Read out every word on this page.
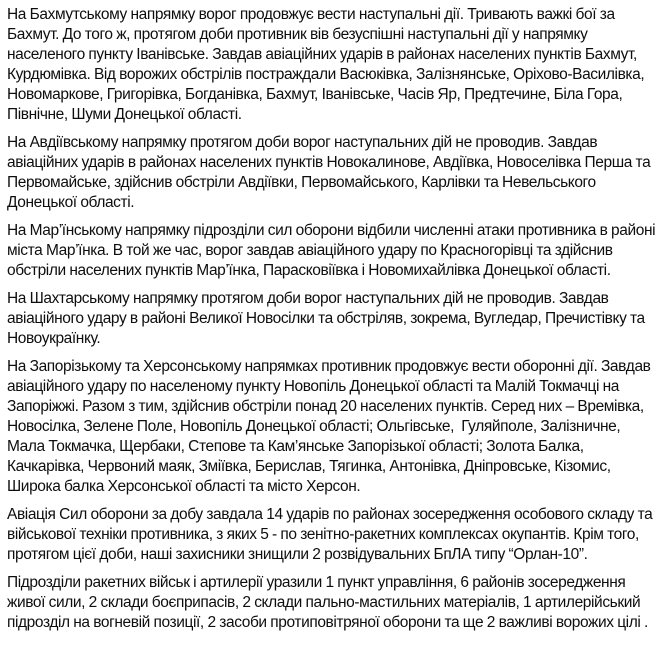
На Бахмутському напрямку ворог продовжує вести наступальні дії. Тривають важкі бої за Бахмут. До того ж, протягом доби противник вів безуспішні наступальні дії у напрямку населеного пункту Іванівське. Завдав авіаційних ударів в районах населених пунктів Бахмут, Курдюмівка. Від ворожих обстрілів постраждали Васюківка, Залізнянське, Оріхово-Василівка, Новомаркове, Григорівка, Богданівка, Бахмут, Іванівське, Часів Яр, Предтечине, Біла Гора, Північне, Шуми Донецької області.

На Авдіївському напрямку протягом доби ворог наступальних дій не проводив. Завдав авіаційних ударів в районах населених пунктів Новокалинове, Авдіївка, Новоселівка Перша та Первомайське, здійснив обстріли Авдіївки, Первомайського, Карлівки та Невельського Донецької області.

На Мар’їнському напрямку підрозділи сил оборони відбили численні атаки противника в районі міста Мар’їнка. В той же час, ворог завдав авіаційного удару по Красногорівці та здійснив обстріли населених пунктів Мар’їнка, Парасковіївка і Новомихайлівка Донецької області.

На Шахтарському напрямку протягом доби ворог наступальних дій не проводив. Завдав авіаційного удару в районі Великої Новосілки та обстріляв, зокрема, Вугледар, Пречистівку та Новоукраїнку.

На Запорізькому та Херсонському напрямках противник продовжує вести оборонні дії. Завдав авіаційного удару по населеному пункту Новопіль Донецької області та Малій Токмачці на Запоріжжі. Разом з тим, здійснив обстріли понад 20 населених пунктів. Серед них – Времівка, Новосілка, Зелене Поле, Новопіль Донецької області; Ольгівське,  Гуляйполе, Залізничне, Мала Токмачка, Щербаки, Степове та Кам’янське Запорізької області; Золота Балка, Качкарівка, Червоний маяк, Зміївка, Берислав, Тягинка, Антонівка, Дніпровське, Кізомис, Широка балка Херсонської області та місто Херсон.

Авіація Сил оборони за добу завдала 14 ударів по районах зосередження особового складу та військової техніки противника, з яких 5 - по зенітно-ракетних комплексах окупантів. Крім того, протягом цієї доби, наші захисники знищили 2 розвідувальних БпЛА типу “Орлан-10”.

Підрозділи ракетних військ і артилерії уразили 1 пункт управління, 6 районів зосередження живої сили, 2 склади боєприпасів, 2 склади пально-мастильних матеріалів, 1 артилерійський підрозділ на вогневій позиції, 2 засоби протиповітряної оборони та ще 2 важливі ворожих цілі .
